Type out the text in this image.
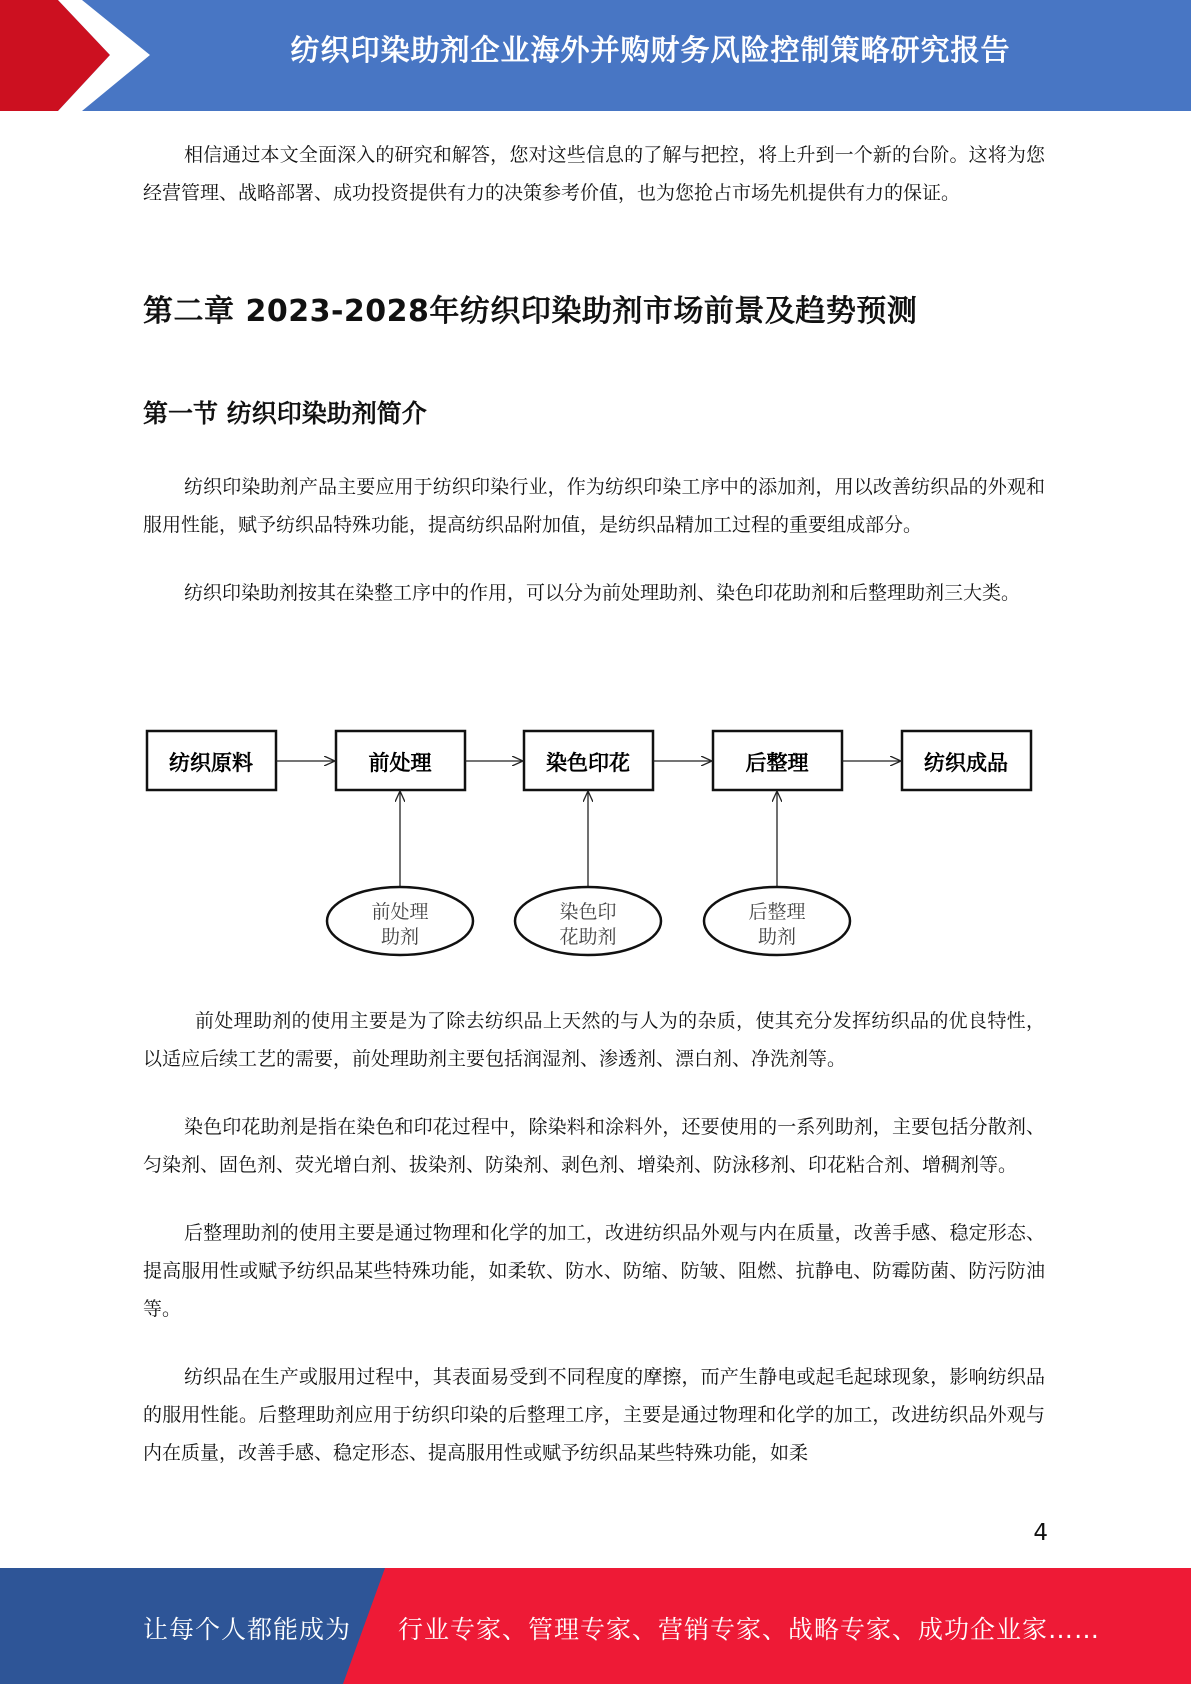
纺织印染助剂企业海外并购财务风险控制策略研究报告

相信通过本文全面深入的研究和解答，您对这些信息的了解与把控，将上升到一个新的台阶。这将为您经营管理、战略部署、成功投资提供有力的决策参考价值，也为您抢占市场先机提供有力的保证。

第二章 2023-2028年纺织印染助剂市场前景及趋势预测
第一节 纺织印染助剂简介

纺织印染助剂产品主要应用于纺织印染行业，作为纺织印染工序中的添加剂，用以改善纺织品的外观和服用性能，赋予纺织品特殊功能，提高纺织品附加值，是纺织品精加工过程的重要组成部分。

纺织印染助剂按其在染整工序中的作用，可以分为前处理助剂、染色印花助剂和后整理助剂三大类。

纺织原料	前处理	染色印花	后整理	纺织成品
前处理
助剂
染色印
花助剂
后整理
助剂

前处理助剂的使用主要是为了除去纺织品上天然的与人为的杂质，使其充分发挥纺织品的优良特性，以适应后续工艺的需要，前处理助剂主要包括润湿剂、渗透剂、漂白剂、净洗剂等。

染色印花助剂是指在染色和印花过程中，除染料和涂料外，还要使用的一系列助剂，主要包括分散剂、匀染剂、固色剂、荧光增白剂、拔染剂、防染剂、剥色剂、增染剂、防泳移剂、印花粘合剂、增稠剂等。

后整理助剂的使用主要是通过物理和化学的加工，改进纺织品外观与内在质量，改善手感、稳定形态、提高服用性或赋予纺织品某些特殊功能，如柔软、防水、防缩、防皱、阻燃、抗静电、防霉防菌、防污防油等。

纺织品在生产或服用过程中，其表面易受到不同程度的摩擦，而产生静电或起毛起球现象，影响纺织品的服用性能。后整理助剂应用于纺织印染的后整理工序，主要是通过物理和化学的加工，改进纺织品外观与内在质量，改善手感、稳定形态、提高服用性或赋予纺织品某些特殊功能，如柔

4
让每个人都能成为 行业专家、管理专家、营销专家、战略专家、成功企业家……
